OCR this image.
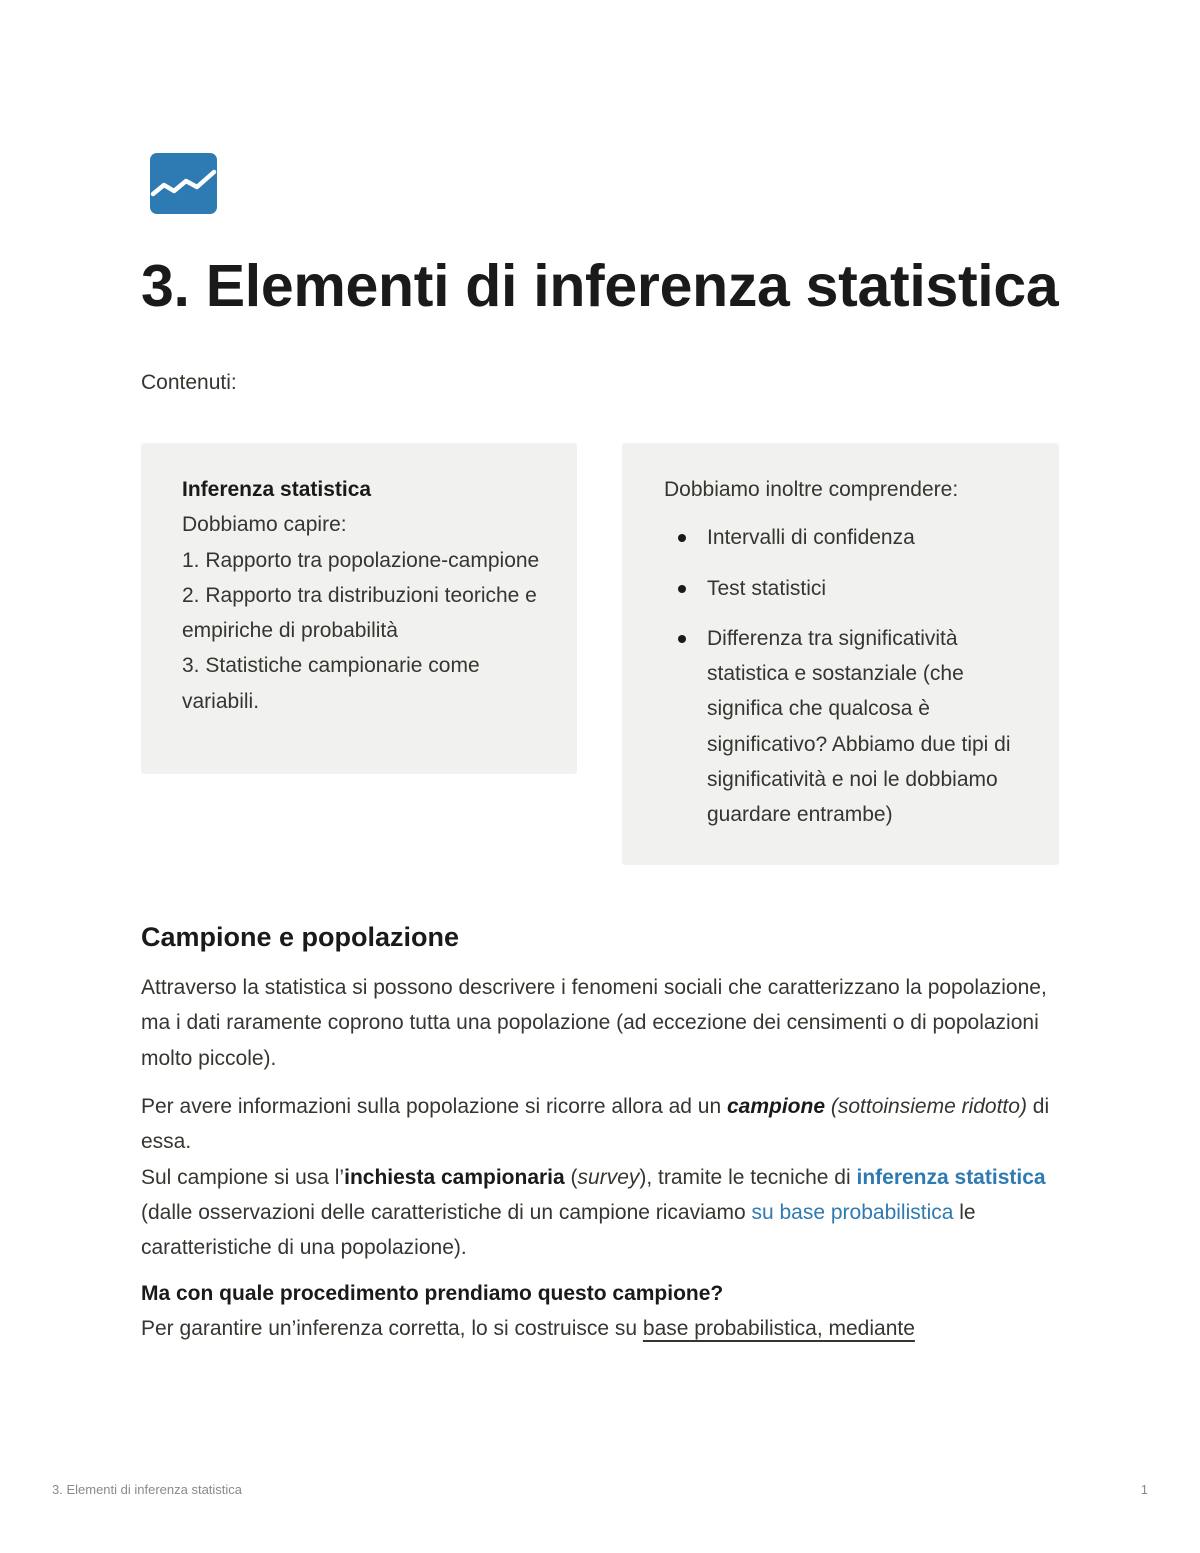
3. Elementi di inferenza statistica
Contenuti:
Inferenza statistica
Dobbiamo capire:
1. Rapporto tra popolazione-campione
2. Rapporto tra distribuzioni teoriche e empiriche di probabilità
3. Statistiche campionarie come variabili.
Dobbiamo inoltre comprendere:
Intervalli di confidenza
Test statistici
Differenza tra significatività statistica e sostanziale (che significa che qualcosa è significativo? Abbiamo due tipi di significatività e noi le dobbiamo guardare entrambe)
Campione e popolazione
Attraverso la statistica si possono descrivere i fenomeni sociali che caratterizzano la popolazione, ma i dati raramente coprono tutta una popolazione (ad eccezione dei censimenti o di popolazioni molto piccole).
Per avere informazioni sulla popolazione si ricorre allora ad un campione (sottoinsieme ridotto) di essa.
Sul campione si usa l’inchiesta campionaria (survey), tramite le tecniche di inferenza statistica (dalle osservazioni delle caratteristiche di un campione ricaviamo su base probabilistica le caratteristiche di una popolazione).
Ma con quale procedimento prendiamo questo campione?
Per garantire un’inferenza corretta, lo si costruisce su base probabilistica, mediante
3. Elementi di inferenza statistica	1
